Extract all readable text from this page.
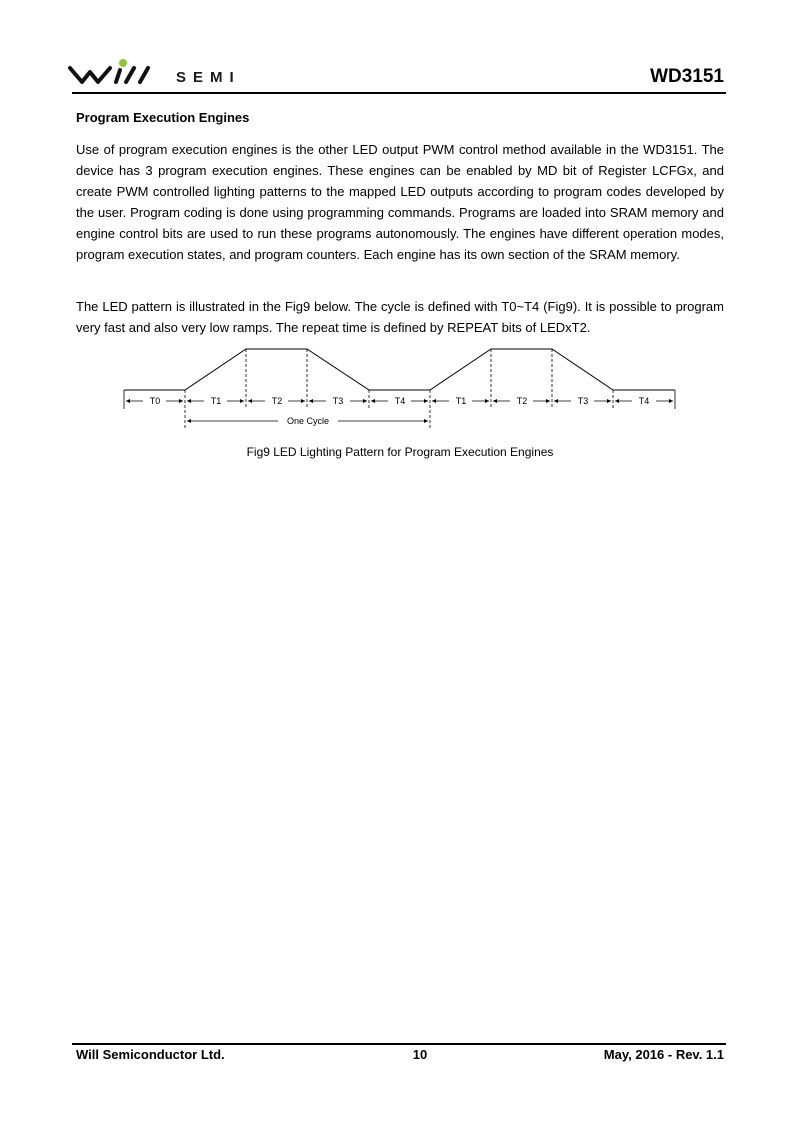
SEMI	WD3151
Program Execution Engines
Use of program execution engines is the other LED output PWM control method available in the WD3151. The device has 3 program execution engines. These engines can be enabled by MD bit of Register LCFGx, and create PWM controlled lighting patterns to the mapped LED outputs according to program codes developed by the user. Program coding is done using programming commands. Programs are loaded into SRAM memory and engine control bits are used to run these programs autonomously. The engines have different operation modes, program execution states, and program counters. Each engine has its own section of the SRAM memory.
The LED pattern is illustrated in the Fig9 below. The cycle is defined with T0~T4 (Fig9). It is possible to program very fast and also very low ramps. The repeat time is defined by REPEAT bits of LEDxT2.
T0	T1	T2	T3	T4	T1	T2	T3	T4
One Cycle
Fig9 LED Lighting Pattern for Program Execution Engines
Will Semiconductor Ltd.	10	May, 2016 - Rev. 1.1
